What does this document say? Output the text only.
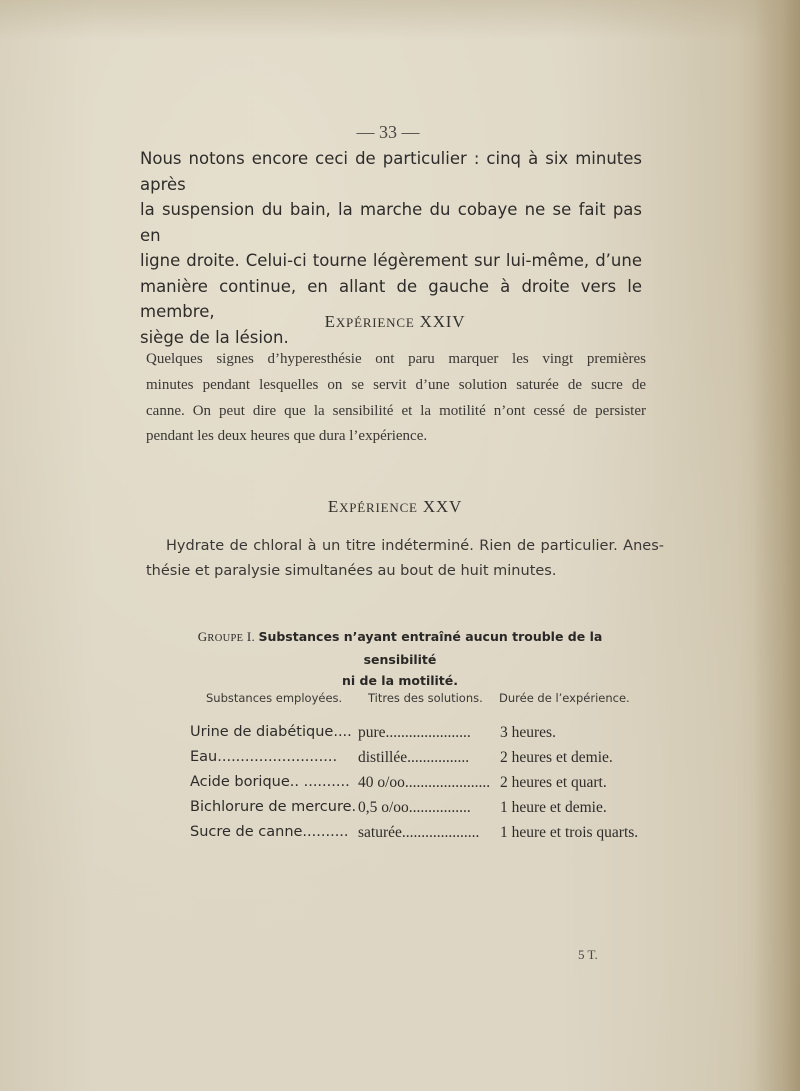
— 33 —
Nous notons encore ceci de particulier : cinq à six minutes après
la suspension du bain, la marche du cobaye ne se fait pas en
ligne droite. Celui-ci tourne légèrement sur lui-même, d’une
manière continue, en allant de gauche à droite vers le membre,
siège de la lésion.
EXPÉRIENCE XXIV
Quelques signes d’hyperesthésie ont paru marquer les vingt premières
minutes pendant lesquelles on se servit d’une solution saturée de sucre de
canne. On peut dire que la sensibilité et la motilité n’ont cessé de persister
pendant les deux heures que dura l’expérience.
EXPÉRIENCE XXV
Hydrate de chloral à un titre indéterminé. Rien de particulier. Anes-
thésie et paralysie simultanées au bout de huit minutes.
GROUPE I. Substances n’ayant entraîné aucun trouble de la sensibilité
ni de la motilité.
Substances employées. Titres des solutions. Durée de l’expérience.
Urine de diabétique.... pure...................... 3 heures.
Eau.......................... distillée................ 2 heures et demie.
Acide borique.. .......... 40 o/oo...................... 2 heures et quart.
Bichlorure de mercure. 0,5 o/oo................ 1 heure et demie.
Sucre de canne.......... saturée.................... 1 heure et trois quarts.
5 T.
